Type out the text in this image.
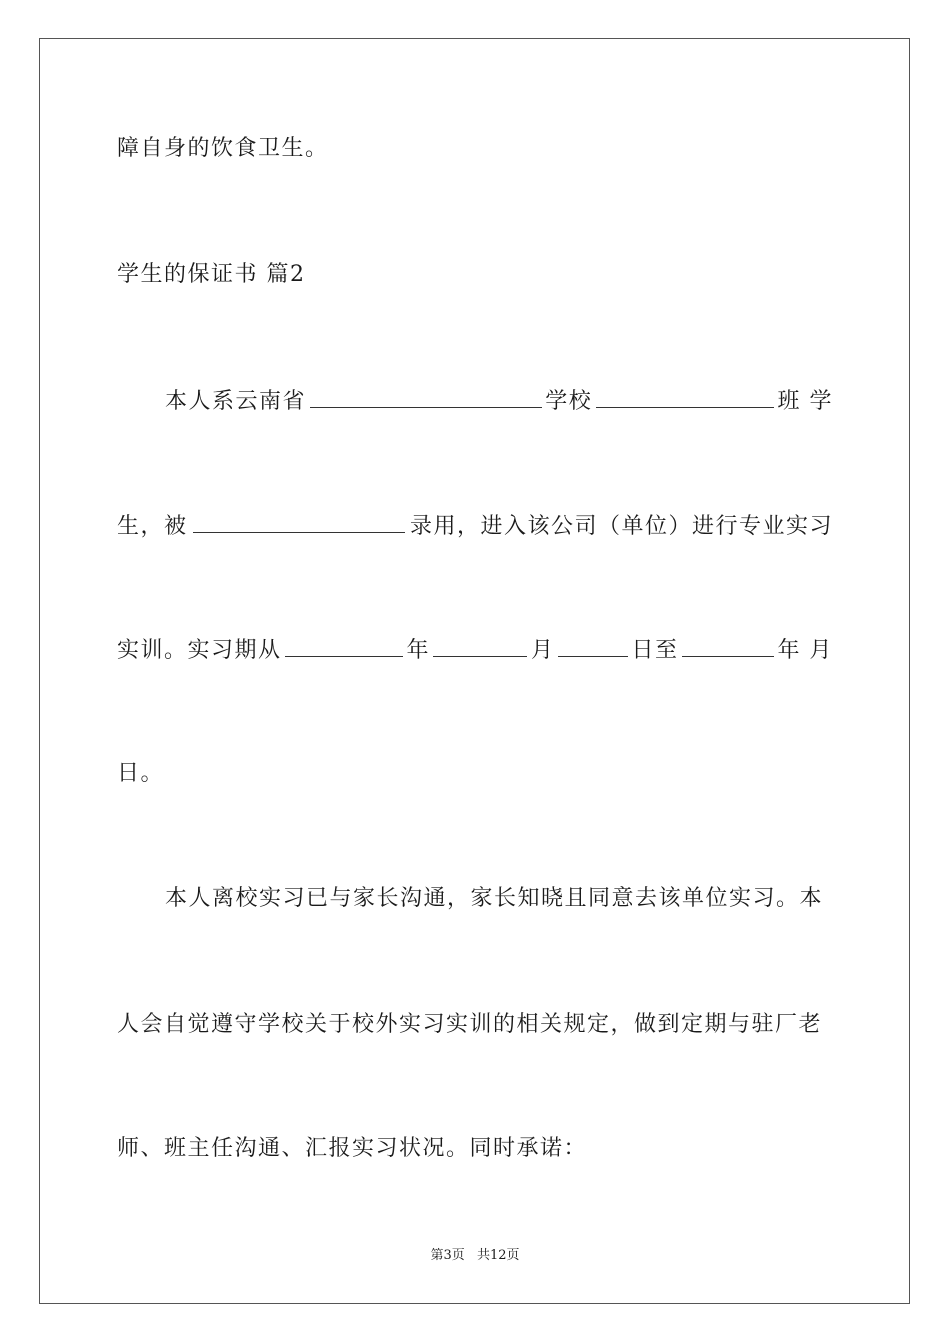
障自身的饮食卫生。
学生的保证书 篇2
本人系云南省	学校	班 学
生，被	录用，进入该公司（单位）进行专业实习
实训。实习期从	年	月	日至	年 月
日。
本人离校实习已与家长沟通，家长知晓且同意去该单位实习。本
人会自觉遵守学校关于校外实习实训的相关规定，做到定期与驻厂老
师、班主任沟通、汇报实习状况。同时承诺：
第3页 共12页
